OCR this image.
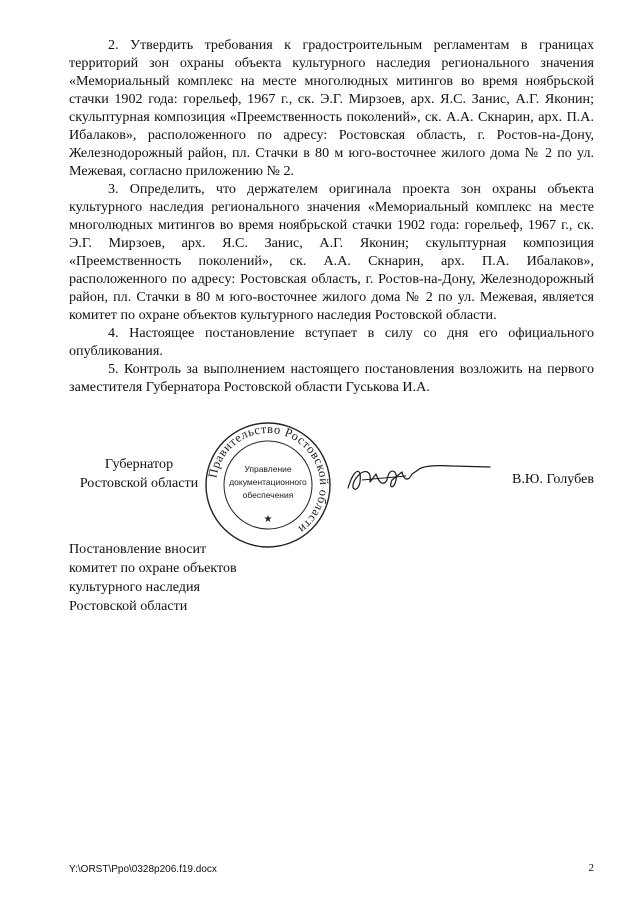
2. Утвердить требования к градостроительным регламентам в границах территорий зон охраны объекта культурного наследия регионального значения «Мемориальный комплекс на месте многолюдных митингов во время ноябрьской стачки 1902 года: горельеф, 1967 г., ск. Э.Г. Мирзоев, арх. Я.С. Занис, А.Г. Яконин; скульптурная композиция «Преемственность поколений», ск. А.А. Скнарин, арх. П.А. Ибалаков», расположенного по адресу: Ростовская область, г. Ростов-на-Дону, Железнодорожный район, пл. Стачки в 80 м юго-восточнее жилого дома № 2 по ул. Межевая, согласно приложению № 2.

3. Определить, что держателем оригинала проекта зон охраны объекта культурного наследия регионального значения «Мемориальный комплекс на месте многолюдных митингов во время ноябрьской стачки 1902 года: горельеф, 1967 г., ск. Э.Г. Мирзоев, арх. Я.С. Занис, А.Г. Яконин; скульптурная композиция «Преемственность поколений», ск. А.А. Скнарин, арх. П.А. Ибалаков», расположенного по адресу: Ростовская область, г. Ростов-на-Дону, Железнодорожный район, пл. Стачки в 80 м юго-восточнее жилого дома № 2 по ул. Межевая, является комитет по охране объектов культурного наследия Ростовской области.

4. Настоящее постановление вступает в силу со дня его официального опубликования.

5. Контроль за выполнением настоящего постановления возложить на первого заместителя Губернатора Ростовской области Гуськова И.А.

Губернатор
Ростовской области	В.Ю. Голубев
Правительство Ростовской области
Управление
документационного
обеспечения
★
Постановление вносит
комитет по охране объектов
культурного наследия
Ростовской области
Y:\ORST\Ppo\0328p206.f19.docx	2
